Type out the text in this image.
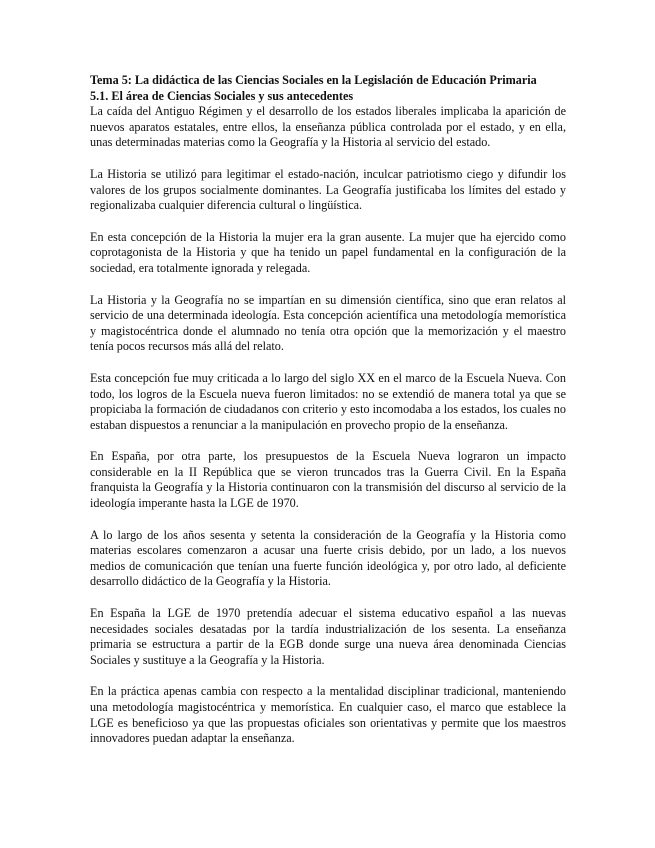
Tema 5: La didáctica de las Ciencias Sociales en la Legislación de Educación Primaria

5.1. El área de Ciencias Sociales y sus antecedentes

La caída del Antiguo Régimen y el desarrollo de los estados liberales implicaba la aparición de nuevos aparatos estatales, entre ellos, la enseñanza pública controlada por el estado, y en ella, unas determinadas materias como la Geografía y la Historia al servicio del estado.

La Historia se utilizó para legitimar el estado-nación, inculcar patriotismo ciego y difundir los valores de los grupos socialmente dominantes. La Geografía justificaba los límites del estado y regionalizaba cualquier diferencia cultural o lingüística.

En esta concepción de la Historia la mujer era la gran ausente. La mujer que ha ejercido como coprotagonista de la Historia y que ha tenido un papel fundamental en la configuración de la sociedad, era totalmente ignorada y relegada.

La Historia y la Geografía no se impartían en su dimensión científica, sino que eran relatos al servicio de una determinada ideología. Esta concepción acientífica una metodología memorística y magistocéntrica donde el alumnado no tenía otra opción que la memorización y el maestro tenía pocos recursos más allá del relato.

Esta concepción fue muy criticada a lo largo del siglo XX en el marco de la Escuela Nueva. Con todo, los logros de la Escuela nueva fueron limitados: no se extendió de manera total ya que se propiciaba la formación de ciudadanos con criterio y esto incomodaba a los estados, los cuales no estaban dispuestos a renunciar a la manipulación en provecho propio de la enseñanza.

En España, por otra parte, los presupuestos de la Escuela Nueva lograron un impacto considerable en la II República que se vieron truncados tras la Guerra Civil. En la España franquista la Geografía y la Historia continuaron con la transmisión del discurso al servicio de la ideología imperante hasta la LGE de 1970.

A lo largo de los años sesenta y setenta la consideración de la Geografía y la Historia como materias escolares comenzaron a acusar una fuerte crisis debido, por un lado, a los nuevos medios de comunicación que tenían una fuerte función ideológica y, por otro lado, al deficiente desarrollo didáctico de la Geografía y la Historia.

En España la LGE de 1970 pretendía adecuar el sistema educativo español a las nuevas necesidades sociales desatadas por la tardía industrialización de los sesenta. La enseñanza primaria se estructura a partir de la EGB donde surge una nueva área denominada Ciencias Sociales y sustituye a la Geografía y la Historia.

En la práctica apenas cambia con respecto a la mentalidad disciplinar tradicional, manteniendo una metodología magistocéntrica y memorística. En cualquier caso, el marco que establece la LGE es beneficioso ya que las propuestas oficiales son orientativas y permite que los maestros innovadores puedan adaptar la enseñanza.
